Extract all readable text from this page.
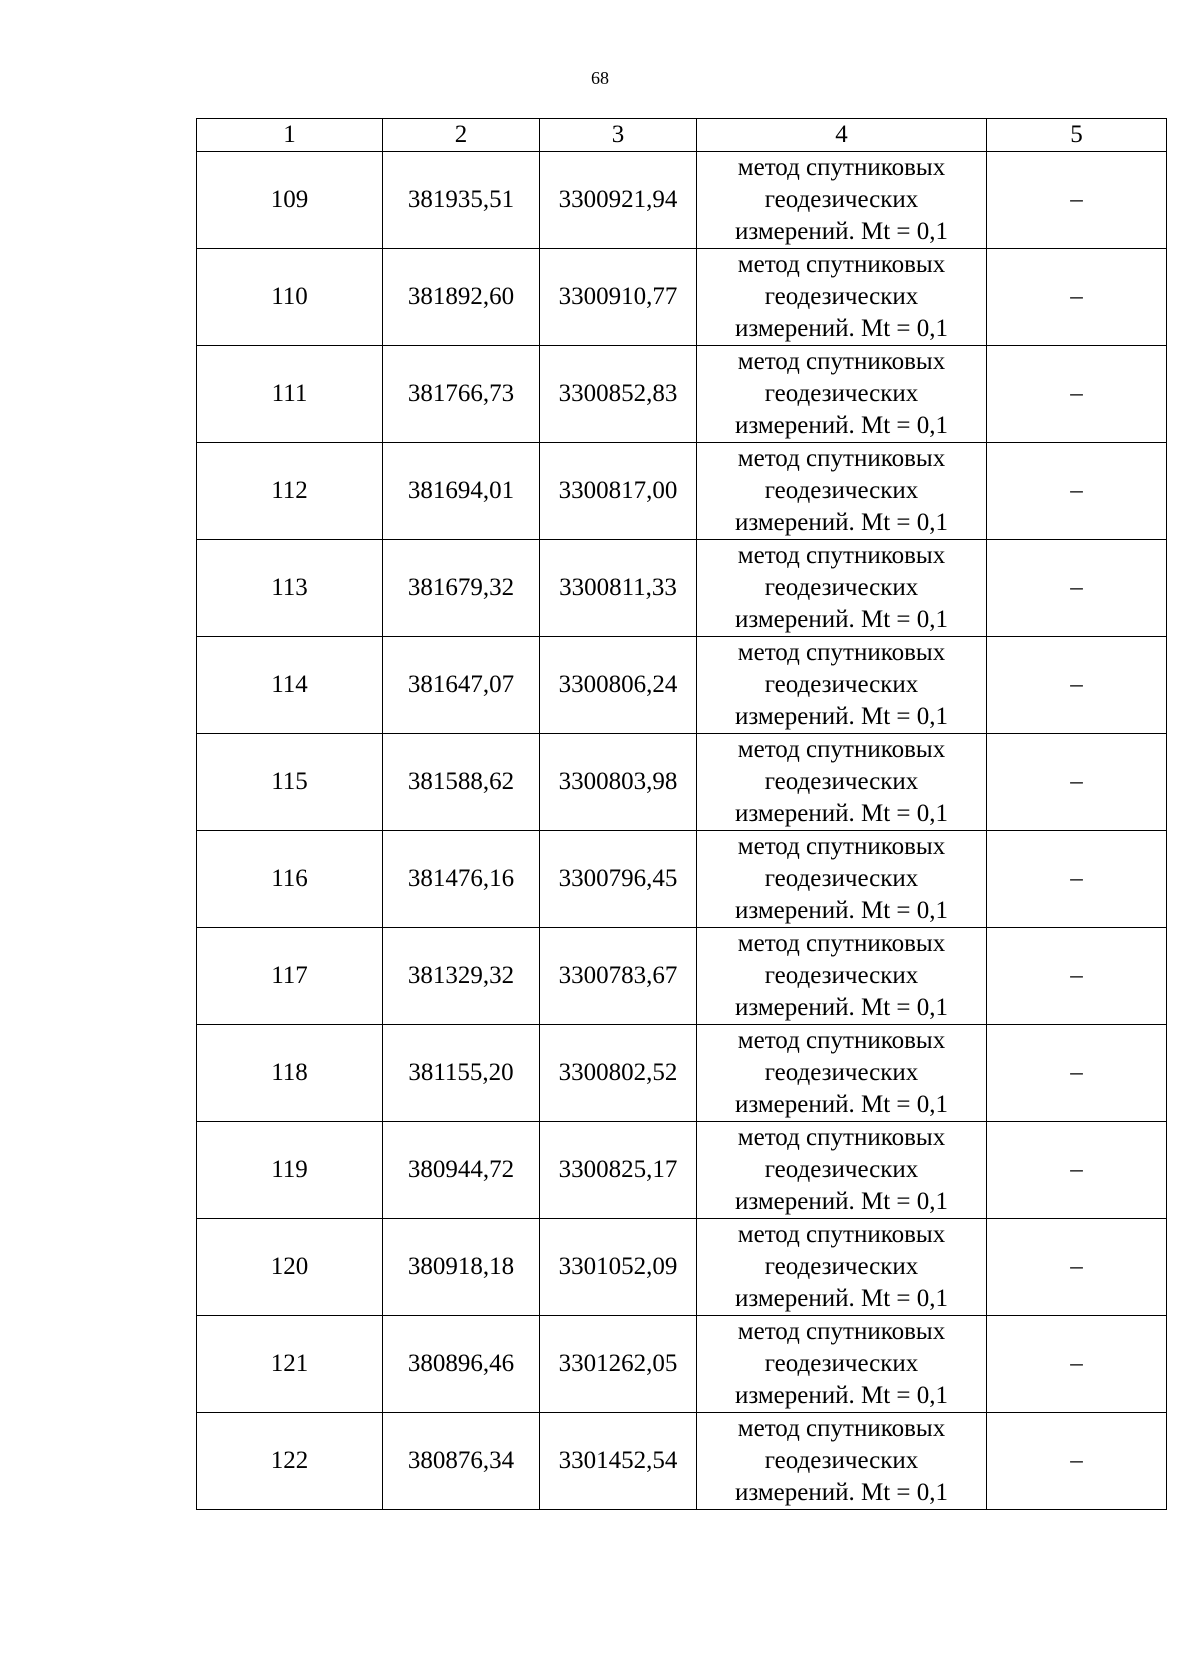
68
1	2	3	4	5
109	381935,51	3300921,94	метод спутниковых
геодезических
измерений. Mt = 0,1	–
110	381892,60	3300910,77	метод спутниковых
геодезических
измерений. Mt = 0,1	–
111	381766,73	3300852,83	метод спутниковых
геодезических
измерений. Mt = 0,1	–
112	381694,01	3300817,00	метод спутниковых
геодезических
измерений. Mt = 0,1	–
113	381679,32	3300811,33	метод спутниковых
геодезических
измерений. Mt = 0,1	–
114	381647,07	3300806,24	метод спутниковых
геодезических
измерений. Mt = 0,1	–
115	381588,62	3300803,98	метод спутниковых
геодезических
измерений. Mt = 0,1	–
116	381476,16	3300796,45	метод спутниковых
геодезических
измерений. Mt = 0,1	–
117	381329,32	3300783,67	метод спутниковых
геодезических
измерений. Mt = 0,1	–
118	381155,20	3300802,52	метод спутниковых
геодезических
измерений. Mt = 0,1	–
119	380944,72	3300825,17	метод спутниковых
геодезических
измерений. Mt = 0,1	–
120	380918,18	3301052,09	метод спутниковых
геодезических
измерений. Mt = 0,1	–
121	380896,46	3301262,05	метод спутниковых
геодезических
измерений. Mt = 0,1	–
122	380876,34	3301452,54	метод спутниковых
геодезических
измерений. Mt = 0,1	–
